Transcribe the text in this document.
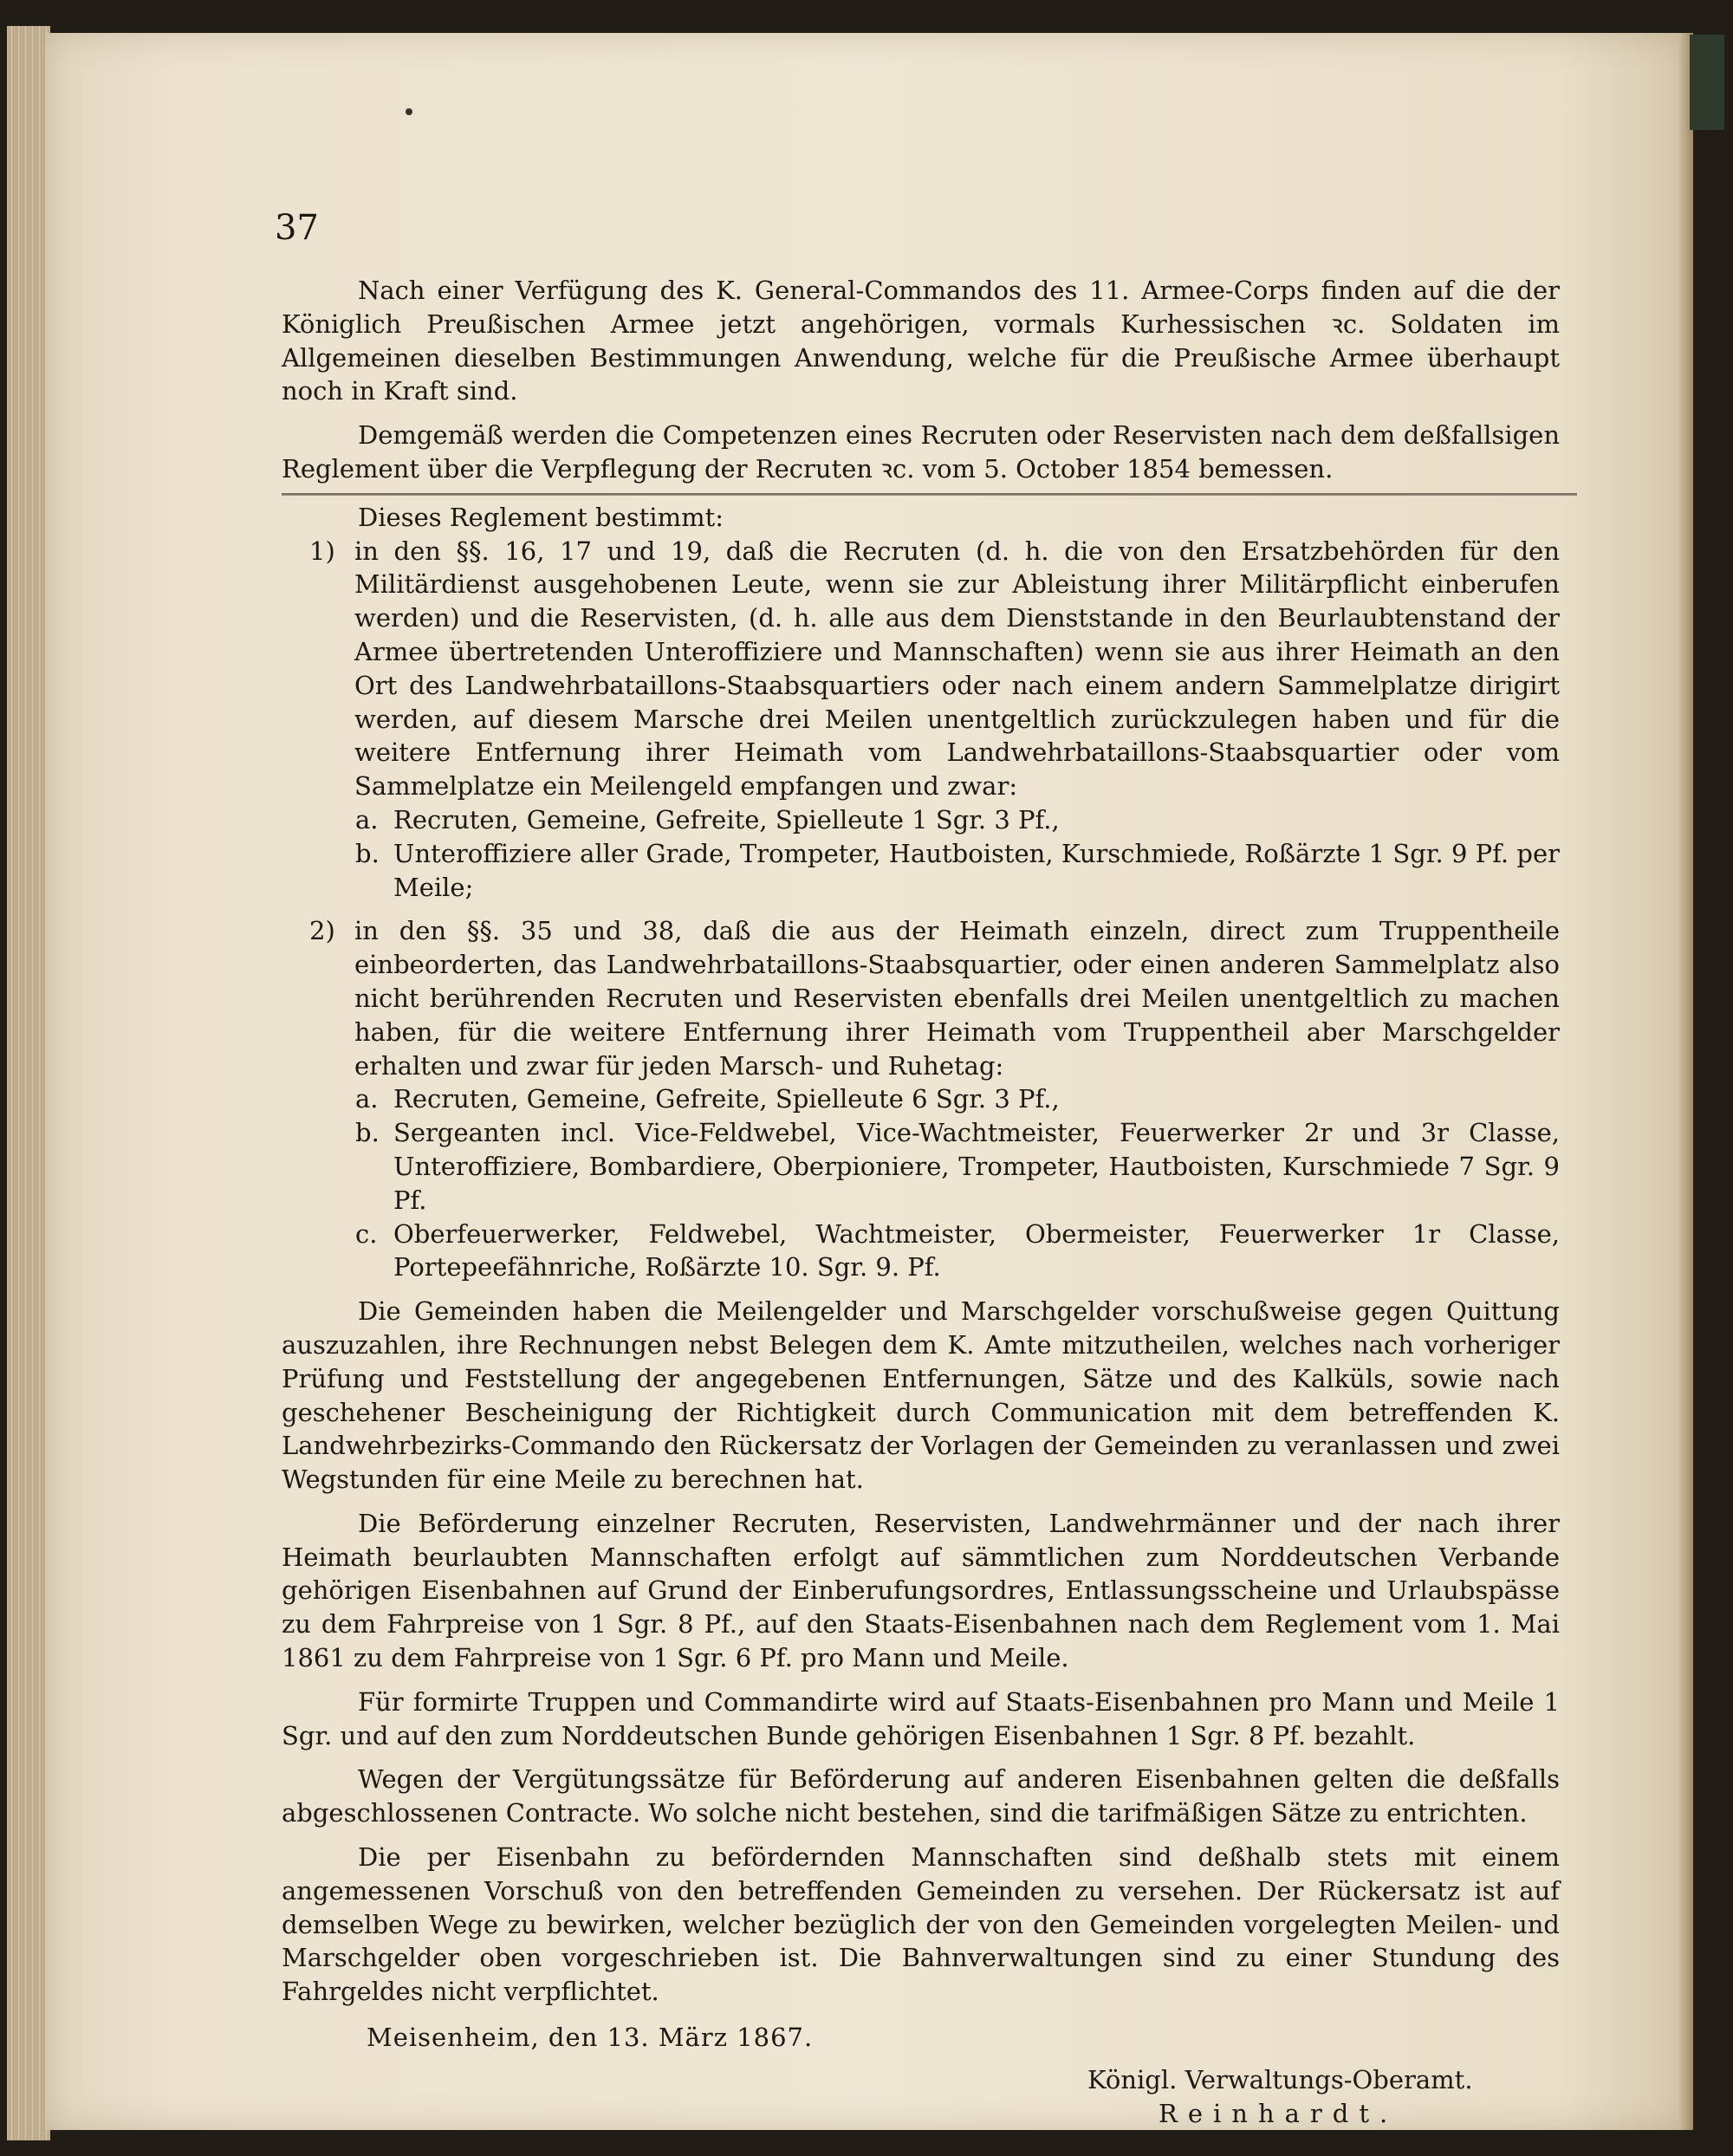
37

Nach einer Verfügung des K. General-Commandos des 11. Armee-Corps finden auf die der Königlich Preußischen Armee jetzt angehörigen, vormals Kurhessischen ꝛc. Soldaten im Allgemeinen dieselben Bestimmungen Anwendung, welche für die Preußische Armee überhaupt noch in Kraft sind.

Demgemäß werden die Competenzen eines Recruten oder Reservisten nach dem deßfallsigen Reglement über die Verpflegung der Recruten ꝛc. vom 5. October 1854 bemessen.

Dieses Reglement bestimmt:

1) in den §§. 16, 17 und 19, daß die Recruten (d. h. die von den Ersatzbehörden für den Militärdienst ausgehobenen Leute, wenn sie zur Ableistung ihrer Militärpflicht einberufen werden) und die Reservisten, (d. h. alle aus dem Dienststande in den Beurlaubtenstand der Armee übertretenden Unteroffiziere und Mannschaften) wenn sie aus ihrer Heimath an den Ort des Landwehrbataillons-Staabsquartiers oder nach einem andern Sammelplatze dirigirt werden, auf diesem Marsche drei Meilen unentgeltlich zurückzulegen haben und für die weitere Entfernung ihrer Heimath vom Landwehrbataillons-Staabsquartier oder vom Sammelplatze ein Meilengeld empfangen und zwar:
a. Recruten, Gemeine, Gefreite, Spielleute 1 Sgr. 3 Pf.,
b. Unteroffiziere aller Grade, Trompeter, Hautboisten, Kurschmiede, Roßärzte 1 Sgr. 9 Pf. per Meile;
2) in den §§. 35 und 38, daß die aus der Heimath einzeln, direct zum Truppentheile einbeorderten, das Landwehrbataillons-Staabsquartier, oder einen anderen Sammelplatz also nicht berührenden Recruten und Reservisten ebenfalls drei Meilen unentgeltlich zu machen haben, für die weitere Entfernung ihrer Heimath vom Truppentheil aber Marschgelder erhalten und zwar für jeden Marsch- und Ruhetag:
a. Recruten, Gemeine, Gefreite, Spielleute 6 Sgr. 3 Pf.,
b. Sergeanten incl. Vice-Feldwebel, Vice-Wachtmeister, Feuerwerker 2r und 3r Classe, Unteroffiziere, Bombardiere, Oberpioniere, Trompeter, Hautboisten, Kurschmiede 7 Sgr. 9 Pf.
c. Oberfeuerwerker, Feldwebel, Wachtmeister, Obermeister, Feuerwerker 1r Classe, Portepeefähnriche, Roßärzte 10. Sgr. 9. Pf.

Die Gemeinden haben die Meilengelder und Marschgelder vorschußweise gegen Quittung auszuzahlen, ihre Rechnungen nebst Belegen dem K. Amte mitzutheilen, welches nach vorheriger Prüfung und Feststellung der angegebenen Entfernungen, Sätze und des Kalküls, sowie nach geschehener Bescheinigung der Richtigkeit durch Communication mit dem betreffenden K. Landwehrbezirks-Commando den Rückersatz der Vorlagen der Gemeinden zu veranlassen und zwei Wegstunden für eine Meile zu berechnen hat.

Die Beförderung einzelner Recruten, Reservisten, Landwehrmänner und der nach ihrer Heimath beurlaubten Mannschaften erfolgt auf sämmtlichen zum Norddeutschen Verbande gehörigen Eisenbahnen auf Grund der Einberufungsordres, Entlassungsscheine und Urlaubspässe zu dem Fahrpreise von 1 Sgr. 8 Pf., auf den Staats-Eisenbahnen nach dem Reglement vom 1. Mai 1861 zu dem Fahrpreise von 1 Sgr. 6 Pf. pro Mann und Meile.

Für formirte Truppen und Commandirte wird auf Staats-Eisenbahnen pro Mann und Meile 1 Sgr. und auf den zum Norddeutschen Bunde gehörigen Eisenbahnen 1 Sgr. 8 Pf. bezahlt.

Wegen der Vergütungssätze für Beförderung auf anderen Eisenbahnen gelten die deßfalls abgeschlossenen Contracte. Wo solche nicht bestehen, sind die tarifmäßigen Sätze zu entrichten.

Die per Eisenbahn zu befördernden Mannschaften sind deßhalb stets mit einem angemessenen Vorschuß von den betreffenden Gemeinden zu versehen. Der Rückersatz ist auf demselben Wege zu bewirken, welcher bezüglich der von den Gemeinden vorgelegten Meilen- und Marschgelder oben vorgeschrieben ist. Die Bahnverwaltungen sind zu einer Stundung des Fahrgeldes nicht verpflichtet.

Meisenheim, den 13. März 1867.
Königl. Verwaltungs-Oberamt.
Reinhardt.
